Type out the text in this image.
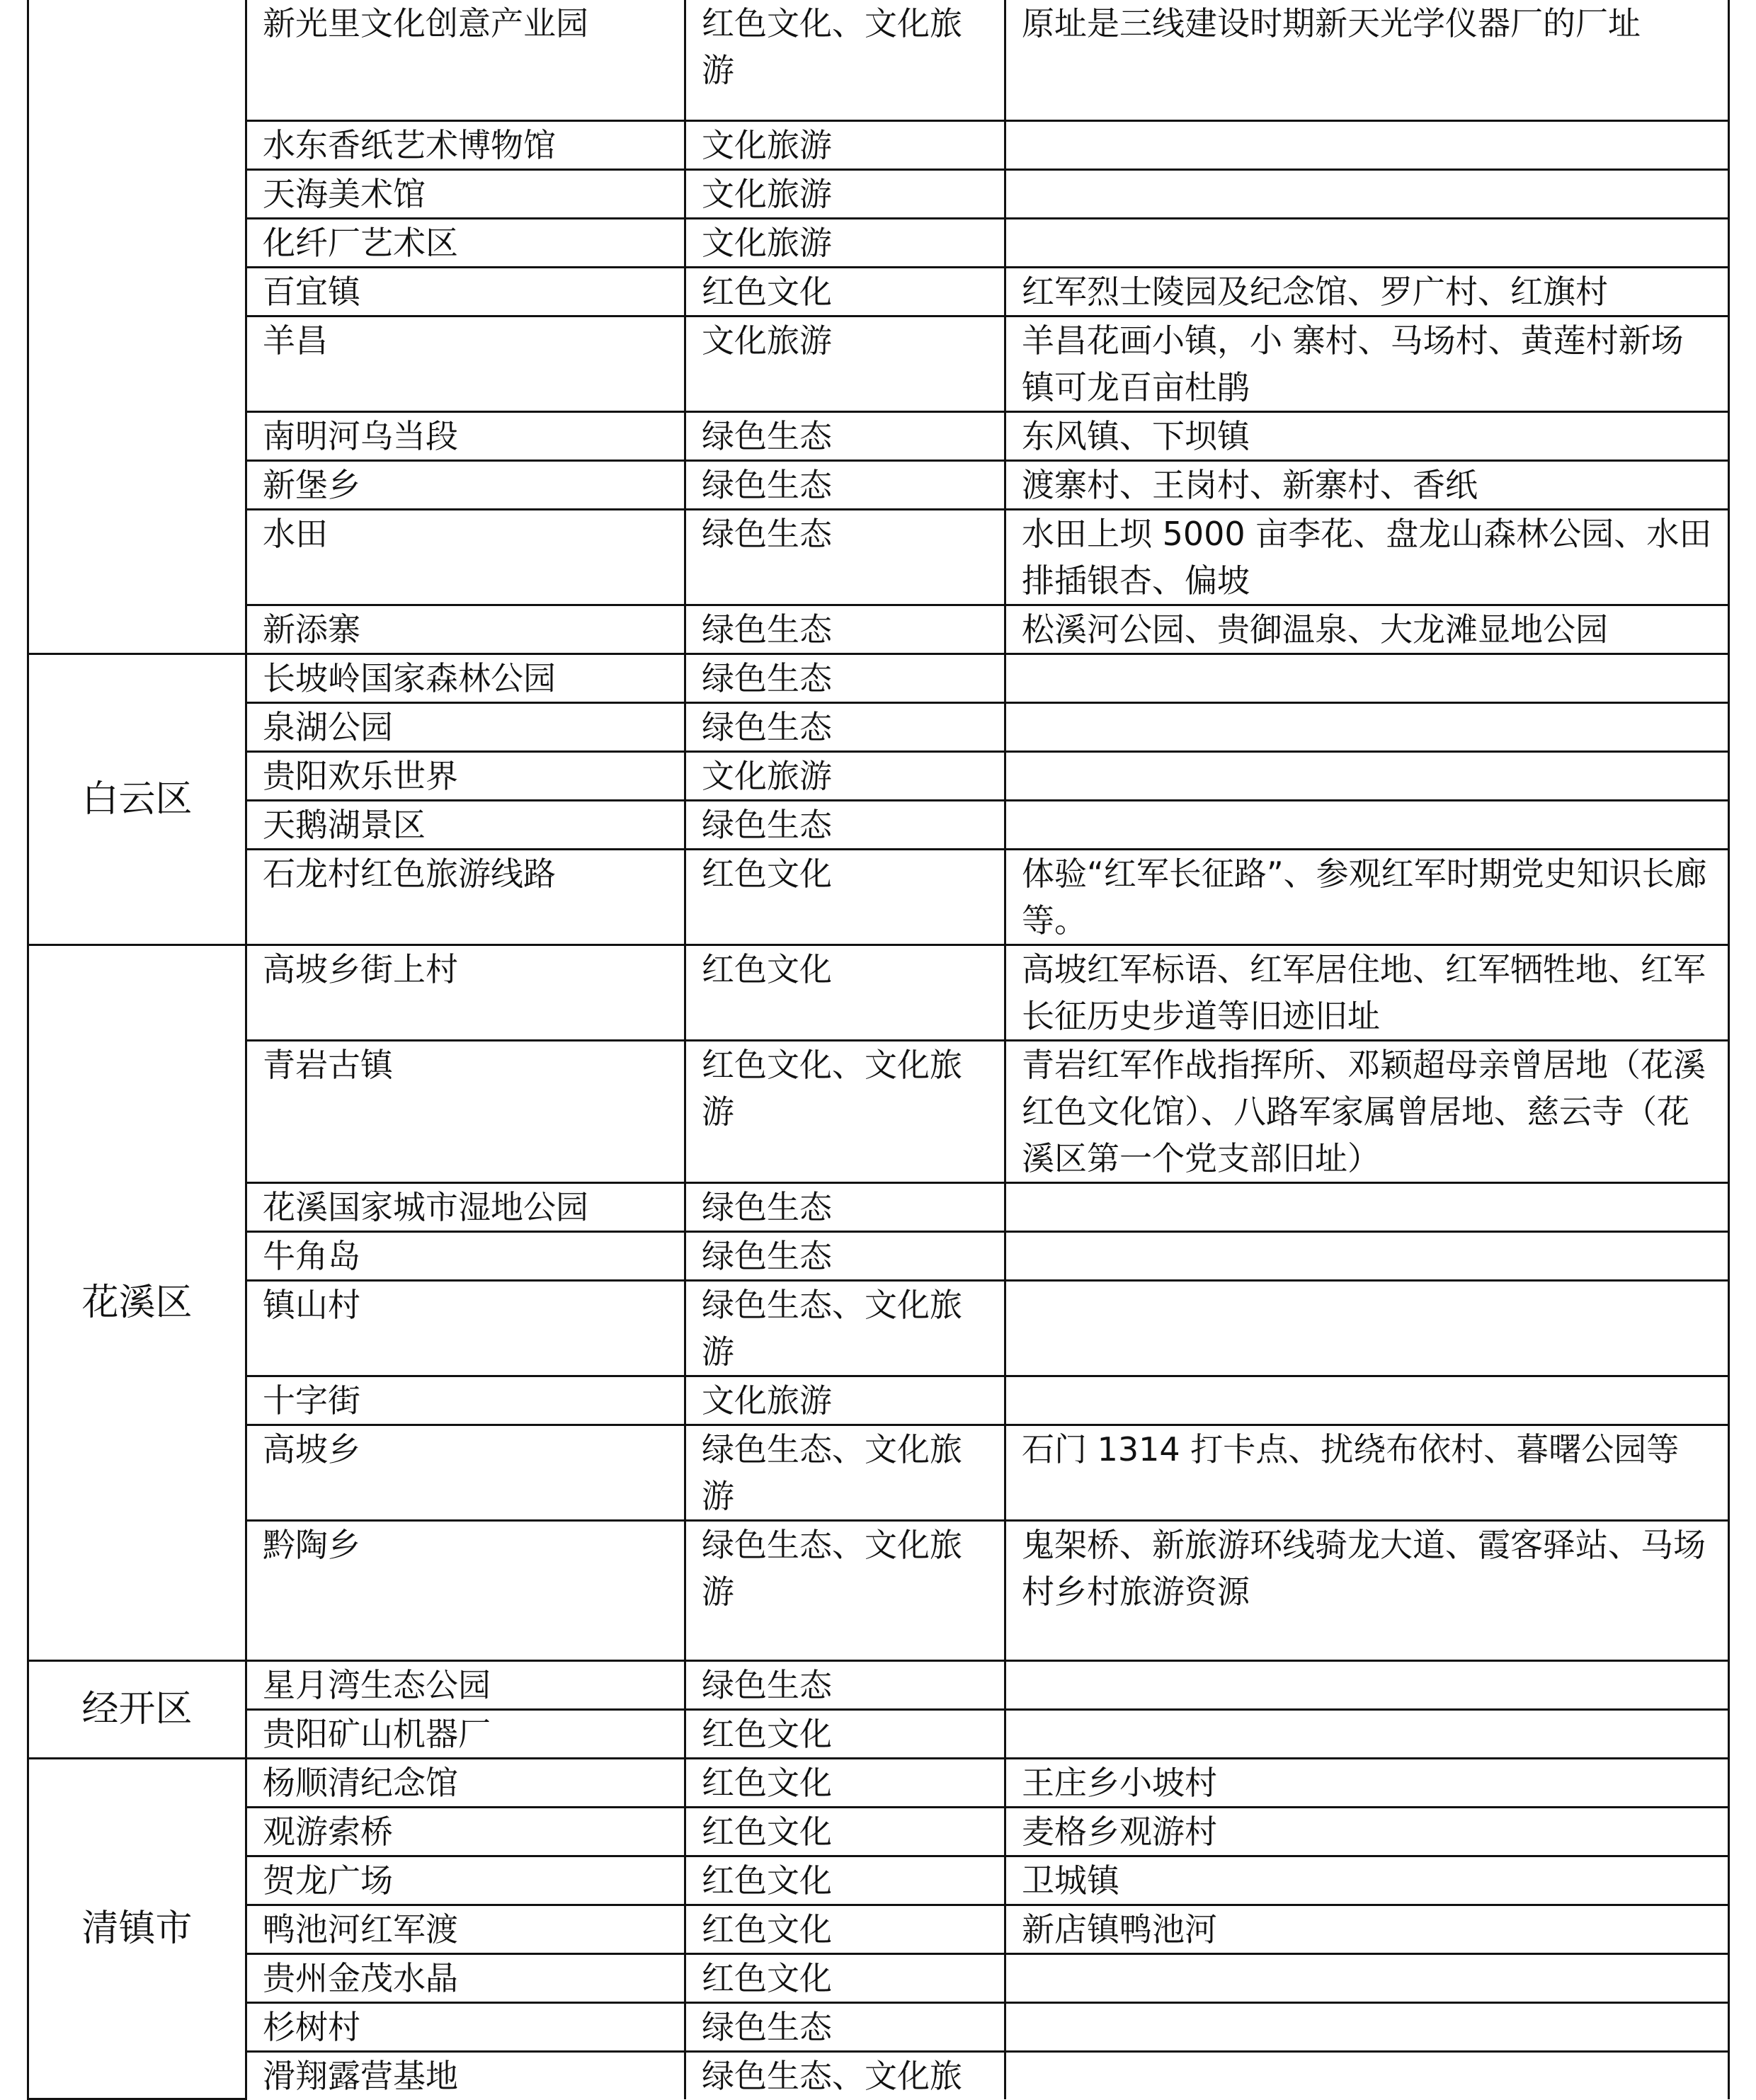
	新光里文化创意产业园	红色文化、文化旅游	原址是三线建设时期新天光学仪器厂的厂址
	水东香纸艺术博物馆	文化旅游	
	天海美术馆	文化旅游	
	化纤厂艺术区	文化旅游	
	百宜镇	红色文化	红军烈士陵园及纪念馆、罗广村、红旗村
	羊昌	文化旅游	羊昌花画小镇，小 寨村、马场村、黄莲村新场镇可龙百亩杜鹃
	南明河乌当段	绿色生态	东风镇、下坝镇
	新堡乡	绿色生态	渡寨村、王岗村、新寨村、香纸
	水田	绿色生态	水田上坝 5000 亩李花、盘龙山森林公园、水田排插银杏、偏坡
	新添寨	绿色生态	松溪河公园、贵御温泉、大龙滩显地公园
白云区	长坡岭国家森林公园	绿色生态	
	泉湖公园	绿色生态	
	贵阳欢乐世界	文化旅游	
	天鹅湖景区	绿色生态	
	石龙村红色旅游线路	红色文化	体验“红军长征路”、参观红军时期党史知识长廊等。
花溪区	高坡乡街上村	红色文化	高坡红军标语、红军居住地、红军牺牲地、红军长征历史步道等旧迹旧址
	青岩古镇	红色文化、文化旅游	青岩红军作战指挥所、邓颖超母亲曾居地（花溪红色文化馆）、八路军家属曾居地、慈云寺（花溪区第一个党支部旧址）
	花溪国家城市湿地公园	绿色生态	
	牛角岛	绿色生态	
	镇山村	绿色生态、文化旅游	
	十字街	文化旅游	
	高坡乡	绿色生态、文化旅游	石门 1314 打卡点、扰绕布依村、暮曙公园等
	黔陶乡	绿色生态、文化旅游	鬼架桥、新旅游环线骑龙大道、霞客驿站、马场村乡村旅游资源
经开区	星月湾生态公园	绿色生态	
	贵阳矿山机器厂	红色文化	
清镇市	杨顺清纪念馆	红色文化	王庄乡小坡村
	观游索桥	红色文化	麦格乡观游村
	贺龙广场	红色文化	卫城镇
	鸭池河红军渡	红色文化	新店镇鸭池河
	贵州金茂水晶	红色文化	
	杉树村	绿色生态	
	滑翔露营基地	绿色生态、文化旅	
